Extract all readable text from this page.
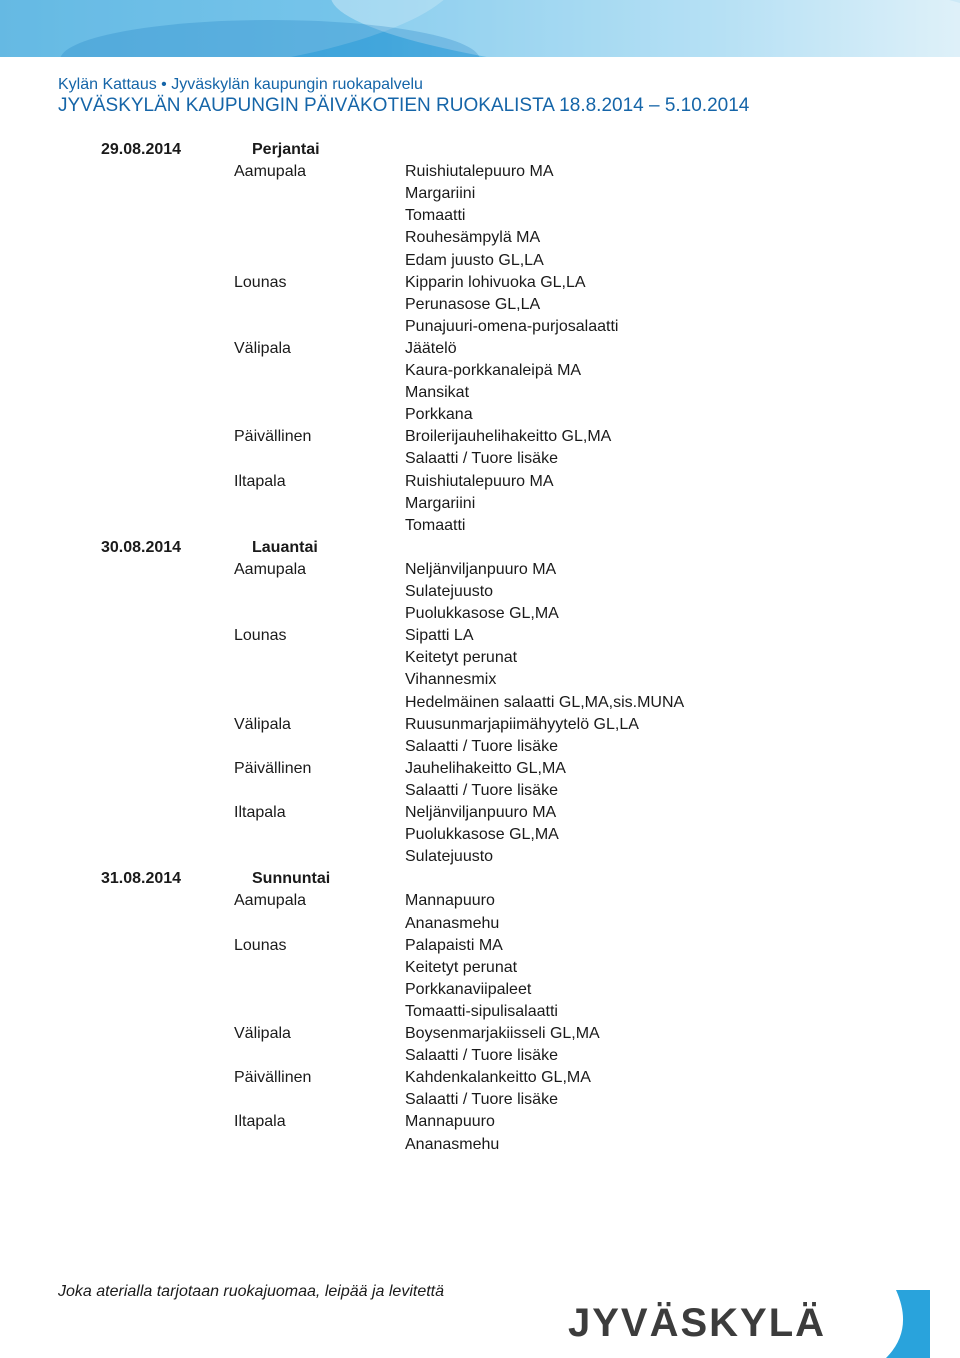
Kylän Kattaus • Jyväskylän kaupungin ruokapalvelu
JYVÄSKYLÄN KAUPUNGIN PÄIVÄKOTIEN RUOKALISTA 18.8.2014 – 5.10.2014
29.08.2014	Perjantai
Aamupala	Ruishiutalepuuro MA
Margariini
Tomaatti
Rouhesämpylä MA
Edam juusto GL,LA
Lounas	Kipparin lohivuoka GL,LA
Perunasose GL,LA
Punajuuri-omena-purjosalaatti
Välipala	Jäätelö
Kaura-porkkanaleipä MA
Mansikat
Porkkana
Päivällinen	Broilerijauhelihakeitto GL,MA
Salaatti / Tuore lisäke
Iltapala	Ruishiutalepuuro MA
Margariini
Tomaatti
30.08.2014	Lauantai
Aamupala	Neljänviljanpuuro MA
Sulatejuusto
Puolukkasose GL,MA
Lounas	Sipatti LA
Keitetyt perunat
Vihannesmix
Hedelmäinen salaatti GL,MA,sis.MUNA
Välipala	Ruusunmarjapiimähyytelö GL,LA
Salaatti / Tuore lisäke
Päivällinen	Jauhelihakeitto GL,MA
Salaatti / Tuore lisäke
Iltapala	Neljänviljanpuuro MA
Puolukkasose GL,MA
Sulatejuusto
31.08.2014	Sunnuntai
Aamupala	Mannapuuro
Ananasmehu
Lounas	Palapaisti MA
Keitetyt perunat
Porkkanaviipaleet
Tomaatti-sipulisalaatti
Välipala	Boysenmarjakiisseli GL,MA
Salaatti / Tuore lisäke
Päivällinen	Kahdenkalankeitto GL,MA
Salaatti / Tuore lisäke
Iltapala	Mannapuuro
Ananasmehu
Joka aterialla tarjotaan ruokajuomaa, leipää ja levitettä
JYVÄSKYLÄ
